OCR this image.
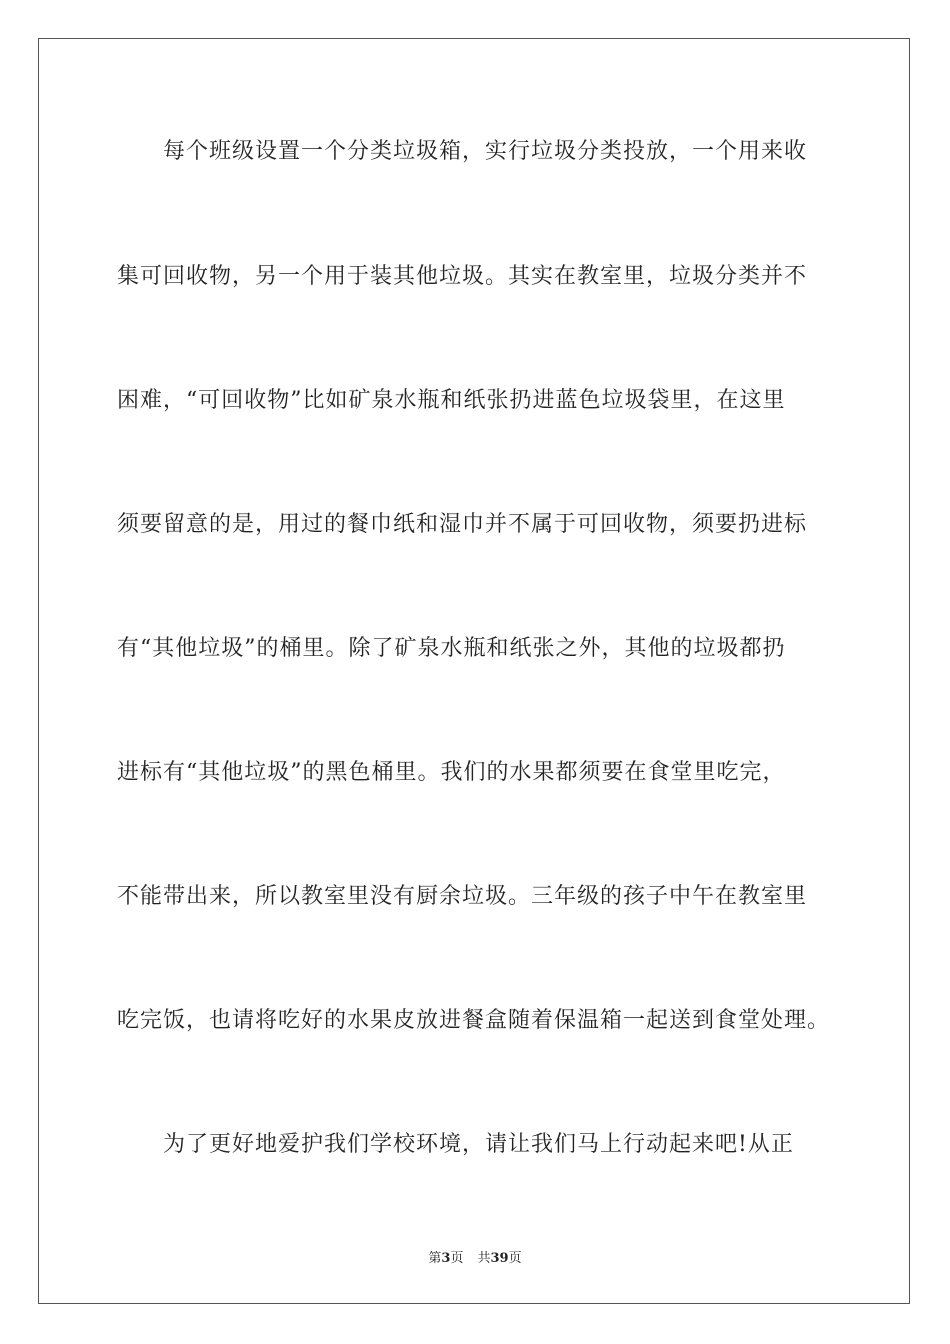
每个班级设置一个分类垃圾箱，实行垃圾分类投放，一个用来收
集可回收物，另一个用于装其他垃圾。其实在教室里，垃圾分类并不
困难，“可回收物”比如矿泉水瓶和纸张扔进蓝色垃圾袋里，在这里
须要留意的是，用过的餐巾纸和湿巾并不属于可回收物，须要扔进标
有“其他垃圾”的桶里。除了矿泉水瓶和纸张之外，其他的垃圾都扔
进标有“其他垃圾”的黑色桶里。我们的水果都须要在食堂里吃完，
不能带出来，所以教室里没有厨余垃圾。三年级的孩子中午在教室里
吃完饭，也请将吃好的水果皮放进餐盒随着保温箱一起送到食堂处理。
为了更好地爱护我们学校环境，请让我们马上行动起来吧!从正
第3页 共39页
